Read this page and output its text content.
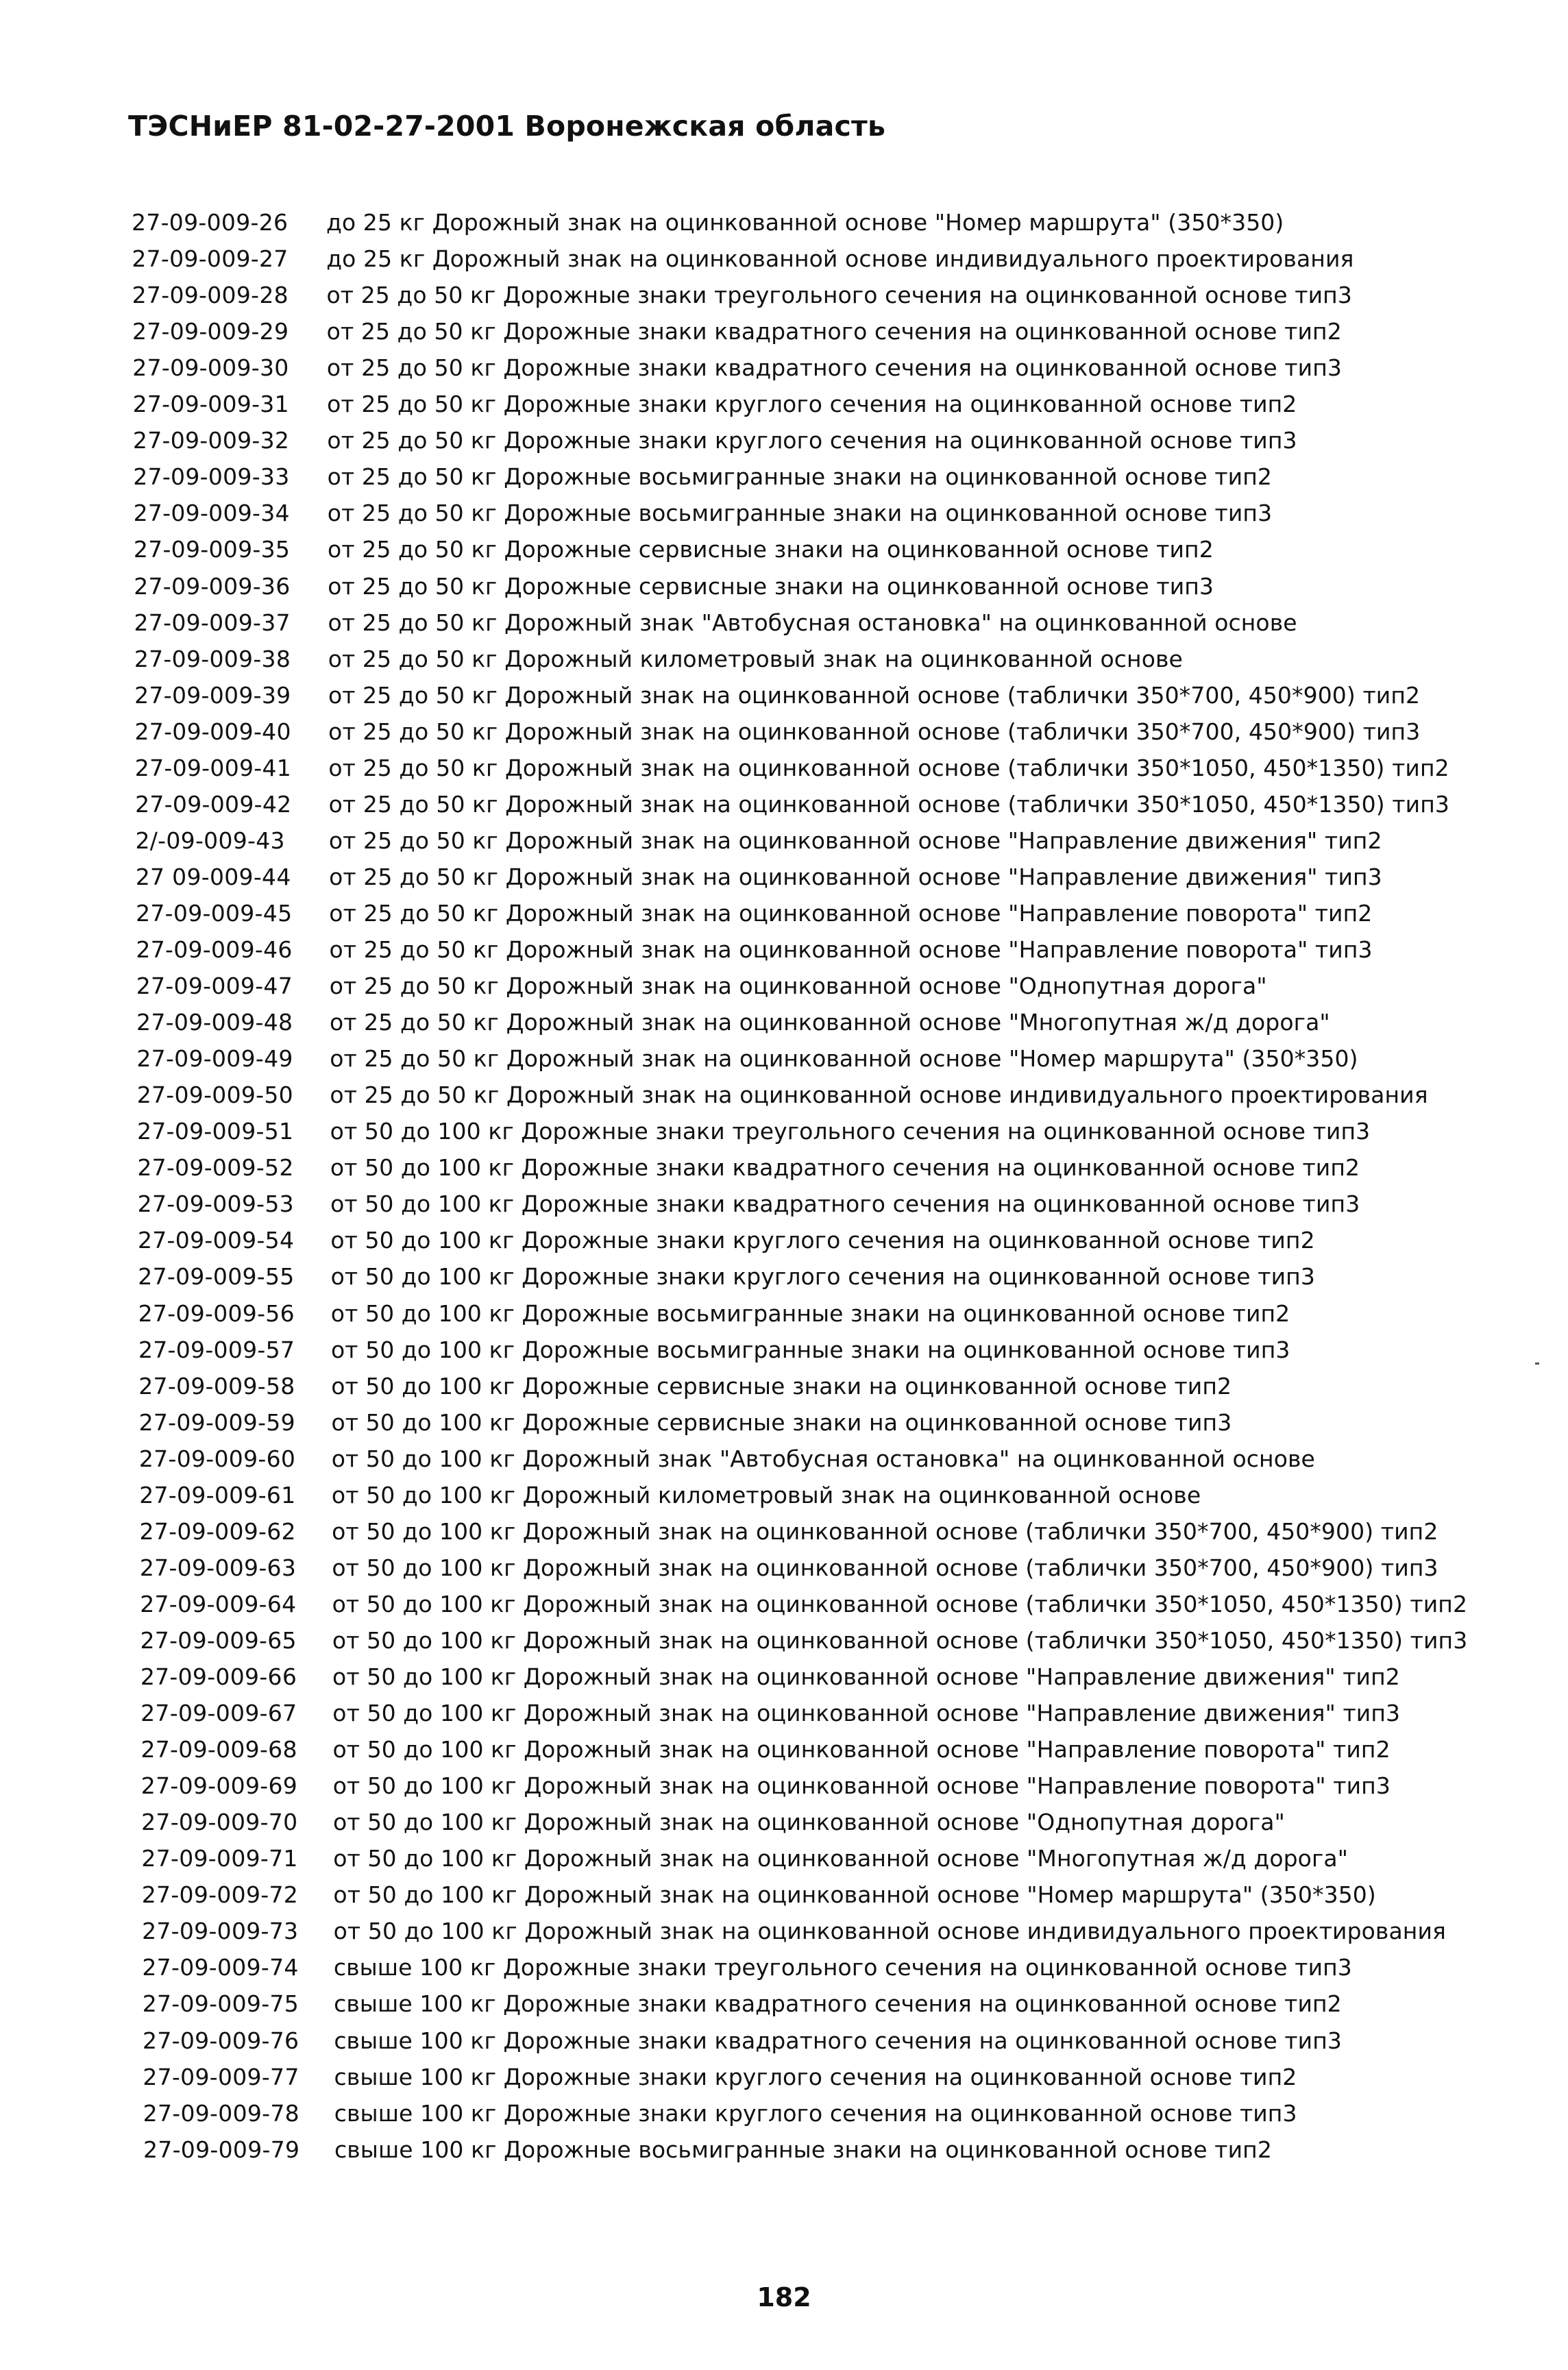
ТЭСНиЕР 81-02-27-2001 Воронежская область
27-09-009-26	до 25 кг Дорожный знак на оцинкованной основе "Номер маршрута" (350*350)
27-09-009-27	до 25 кг Дорожный знак на оцинкованной основе индивидуального проектирования
27-09-009-28	от 25 до 50 кг Дорожные знаки треугольного сечения на оцинкованной основе тип3
27-09-009-29	от 25 до 50 кг Дорожные знаки квадратного сечения на оцинкованной основе тип2
27-09-009-30	от 25 до 50 кг Дорожные знаки квадратного сечения на оцинкованной основе тип3
27-09-009-31	от 25 до 50 кг Дорожные знаки круглого сечения на оцинкованной основе тип2
27-09-009-32	от 25 до 50 кг Дорожные знаки круглого сечения на оцинкованной основе тип3
27-09-009-33	от 25 до 50 кг Дорожные восьмигранные знаки на оцинкованной основе тип2
27-09-009-34	от 25 до 50 кг Дорожные восьмигранные знаки на оцинкованной основе тип3
27-09-009-35	от 25 до 50 кг Дорожные сервисные знаки на оцинкованной основе тип2
27-09-009-36	от 25 до 50 кг Дорожные сервисные знаки на оцинкованной основе тип3
27-09-009-37	от 25 до 50 кг Дорожный знак "Автобусная остановка" на оцинкованной основе
27-09-009-38	от 25 до 50 кг Дорожный километровый знак на оцинкованной основе
27-09-009-39	от 25 до 50 кг Дорожный знак на оцинкованной основе (таблички 350*700, 450*900) тип2
27-09-009-40	от 25 до 50 кг Дорожный знак на оцинкованной основе (таблички 350*700, 450*900) тип3
27-09-009-41	от 25 до 50 кг Дорожный знак на оцинкованной основе (таблички 350*1050, 450*1350) тип2
27-09-009-42	от 25 до 50 кг Дорожный знак на оцинкованной основе (таблички 350*1050, 450*1350) тип3
2/-09-009-43	от 25 до 50 кг Дорожный знак на оцинкованной основе "Направление движения" тип2
27 09-009-44	от 25 до 50 кг Дорожный знак на оцинкованной основе "Направление движения" тип3
27-09-009-45	от 25 до 50 кг Дорожный знак на оцинкованной основе "Направление поворота" тип2
27-09-009-46	от 25 до 50 кг Дорожный знак на оцинкованной основе "Направление поворота" тип3
27-09-009-47	от 25 до 50 кг Дорожный знак на оцинкованной основе "Однопутная дорога"
27-09-009-48	от 25 до 50 кг Дорожный знак на оцинкованной основе "Многопутная ж/д дорога"
27-09-009-49	от 25 до 50 кг Дорожный знак на оцинкованной основе "Номер маршрута" (350*350)
27-09-009-50	от 25 до 50 кг Дорожный знак на оцинкованной основе индивидуального проектирования
27-09-009-51	от 50 до 100 кг Дорожные знаки треугольного сечения на оцинкованной основе тип3
27-09-009-52	от 50 до 100 кг Дорожные знаки квадратного сечения на оцинкованной основе тип2
27-09-009-53	от 50 до 100 кг Дорожные знаки квадратного сечения на оцинкованной основе тип3
27-09-009-54	от 50 до 100 кг Дорожные знаки круглого сечения на оцинкованной основе тип2
27-09-009-55	от 50 до 100 кг Дорожные знаки круглого сечения на оцинкованной основе тип3
27-09-009-56	от 50 до 100 кг Дорожные восьмигранные знаки на оцинкованной основе тип2
27-09-009-57	от 50 до 100 кг Дорожные восьмигранные знаки на оцинкованной основе тип3
27-09-009-58	от 50 до 100 кг Дорожные сервисные знаки на оцинкованной основе тип2
27-09-009-59	от 50 до 100 кг Дорожные сервисные знаки на оцинкованной основе тип3
27-09-009-60	от 50 до 100 кг Дорожный знак "Автобусная остановка" на оцинкованной основе
27-09-009-61	от 50 до 100 кг Дорожный километровый знак на оцинкованной основе
27-09-009-62	от 50 до 100 кг Дорожный знак на оцинкованной основе (таблички 350*700, 450*900) тип2
27-09-009-63	от 50 до 100 кг Дорожный знак на оцинкованной основе (таблички 350*700, 450*900) тип3
27-09-009-64	от 50 до 100 кг Дорожный знак на оцинкованной основе (таблички 350*1050, 450*1350) тип2
27-09-009-65	от 50 до 100 кг Дорожный знак на оцинкованной основе (таблички 350*1050, 450*1350) тип3
27-09-009-66	от 50 до 100 кг Дорожный знак на оцинкованной основе "Направление движения" тип2
27-09-009-67	от 50 до 100 кг Дорожный знак на оцинкованной основе "Направление движения" тип3
27-09-009-68	от 50 до 100 кг Дорожный знак на оцинкованной основе "Направление поворота" тип2
27-09-009-69	от 50 до 100 кг Дорожный знак на оцинкованной основе "Направление поворота" тип3
27-09-009-70	от 50 до 100 кг Дорожный знак на оцинкованной основе "Однопутная дорога"
27-09-009-71	от 50 до 100 кг Дорожный знак на оцинкованной основе "Многопутная ж/д дорога"
27-09-009-72	от 50 до 100 кг Дорожный знак на оцинкованной основе "Номер маршрута" (350*350)
27-09-009-73	от 50 до 100 кг Дорожный знак на оцинкованной основе индивидуального проектирования
27-09-009-74	свыше 100 кг Дорожные знаки треугольного сечения на оцинкованной основе тип3
27-09-009-75	свыше 100 кг Дорожные знаки квадратного сечения на оцинкованной основе тип2
27-09-009-76	свыше 100 кг Дорожные знаки квадратного сечения на оцинкованной основе тип3
27-09-009-77	свыше 100 кг Дорожные знаки круглого сечения на оцинкованной основе тип2
27-09-009-78	свыше 100 кг Дорожные знаки круглого сечения на оцинкованной основе тип3
27-09-009-79	свыше 100 кг Дорожные восьмигранные знаки на оцинкованной основе тип2
182
